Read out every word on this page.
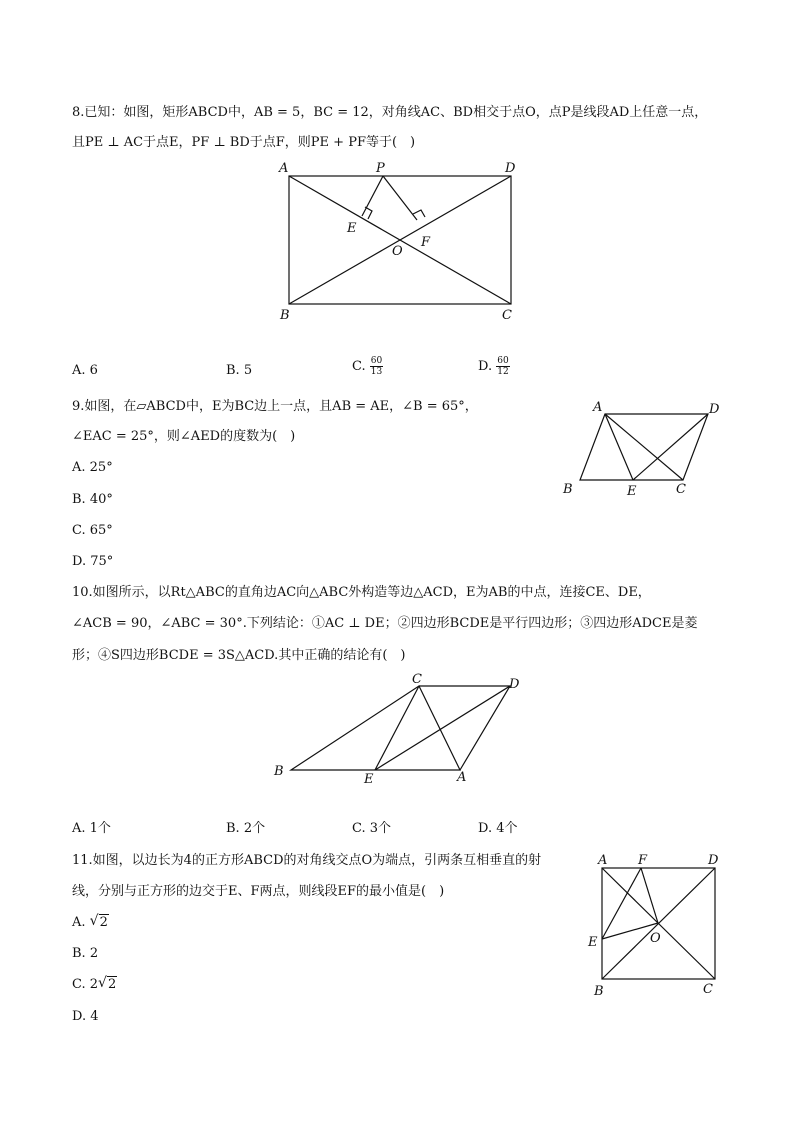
8.已知：如图，矩形ABCD中，AB = 5，BC = 12，对角线AC、BD相交于点O，点P是线段AD上任意一点，
且PE ⊥ AC于点E，PF ⊥ BD于点F，则PE + PF等于(　)
A	P	D
E
F
O
B	C
A. 6	B. 5	C. $\frac{60}{13}$	D. $\frac{60}{12}$
9.如图，在▱ABCD中，E为BC边上一点，且AB = AE，∠B = 65°，
∠EAC = 25°，则∠AED的度数为(　)
A. 25°
B. 40°
C. 65°
D. 75°
A	D
B	E	C
10.如图所示，以Rt△ABC的直角边AC向△ABC外构造等边△ACD，E为AB的中点，连接CE、DE，
∠ACB = 90，∠ABC = 30°.下列结论：①AC ⊥ DE；②四边形BCDE是平行四边形；③四边形ADCE是菱
形；④S四边形BCDE = 3S△ACD.其中正确的结论有(　)
C	D
B
E	A
A. 1个	B. 2个	C. 3个	D. 4个
11.如图，以边长为4的正方形ABCD的对角线交点O为端点，引两条互相垂直的射
线，分别与正方形的边交于E、F两点，则线段EF的最小值是(　)
A. √ 2
B. 2
C. 2 √ 2
D. 4
A F	D
E	O
B	C
